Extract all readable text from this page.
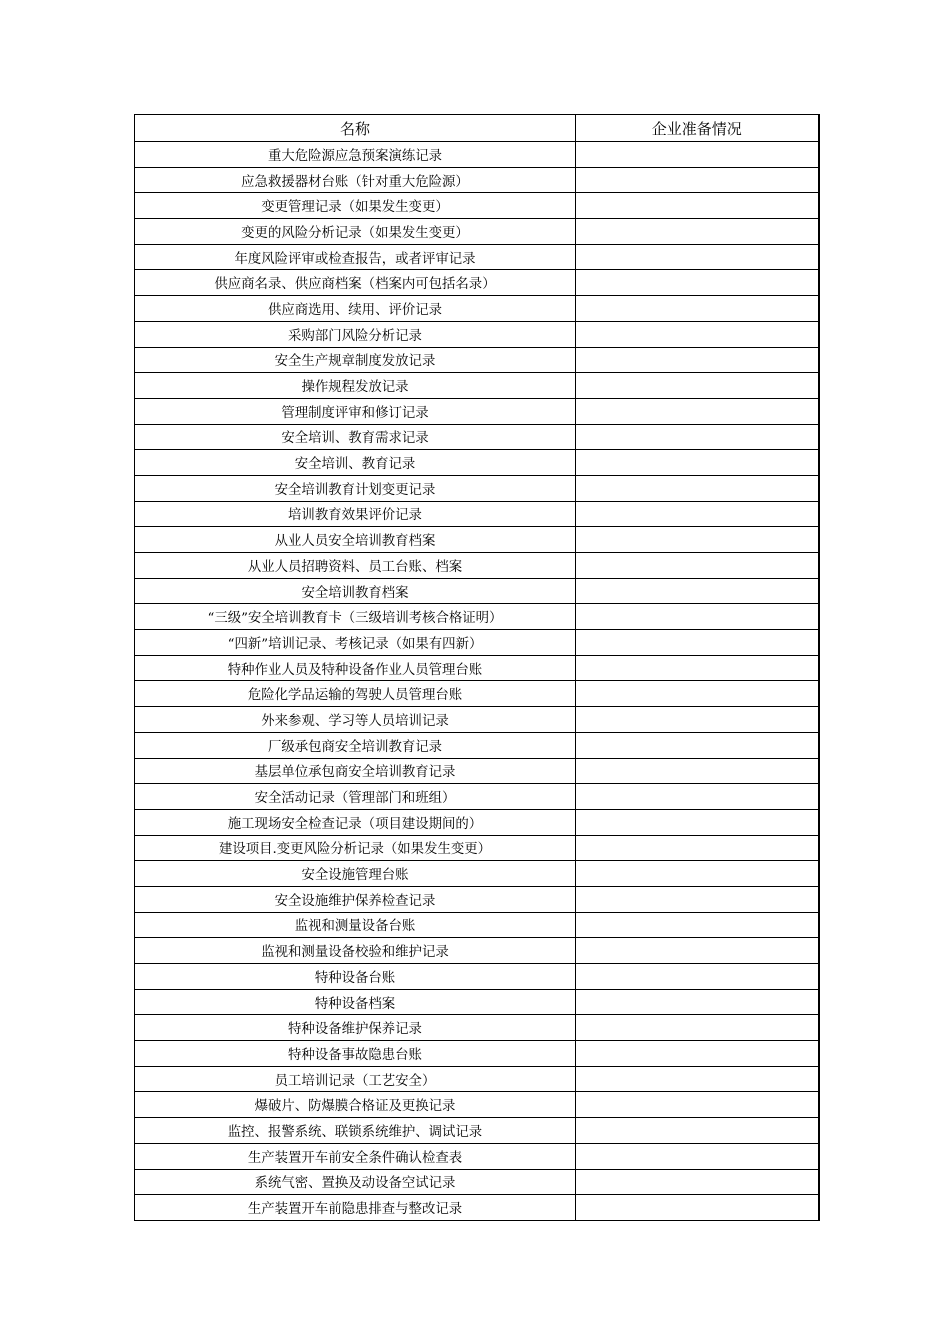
名称	企业准备情况
重大危险源应急预案演练记录	
应急救援器材台账（针对重大危险源）	
变更管理记录（如果发生变更）	
变更的风险分析记录（如果发生变更）	
年度风险评审或检查报告，或者评审记录	
供应商名录、供应商档案（档案内可包括名录）	
供应商选用、续用、评价记录	
采购部门风险分析记录	
安全生产规章制度发放记录	
操作规程发放记录	
管理制度评审和修订记录	
安全培训、教育需求记录	
安全培训、教育记录	
安全培训教育计划变更记录	
培训教育效果评价记录	
从业人员安全培训教育档案	
从业人员招聘资料、员工台账、档案	
安全培训教育档案	
“三级”安全培训教育卡（三级培训考核合格证明）	
“四新”培训记录、考核记录（如果有四新）	
特种作业人员及特种设备作业人员管理台账	
危险化学品运输的驾驶人员管理台账	
外来参观、学习等人员培训记录	
厂级承包商安全培训教育记录	
基层单位承包商安全培训教育记录	
安全活动记录（管理部门和班组）	
施工现场安全检查记录（项目建设期间的）	
建设项目.变更风险分析记录（如果发生变更）	
安全设施管理台账	
安全设施维护保养检查记录	
监视和测量设备台账	
监视和测量设备校验和维护记录	
特种设备台账	
特种设备档案	
特种设备维护保养记录	
特种设备事故隐患台账	
员工培训记录（工艺安全）	
爆破片、防爆膜合格证及更换记录	
监控、报警系统、联锁系统维护、调试记录	
生产装置开车前安全条件确认检查表	
系统气密、置换及动设备空试记录	
生产装置开车前隐患排查与整改记录	
